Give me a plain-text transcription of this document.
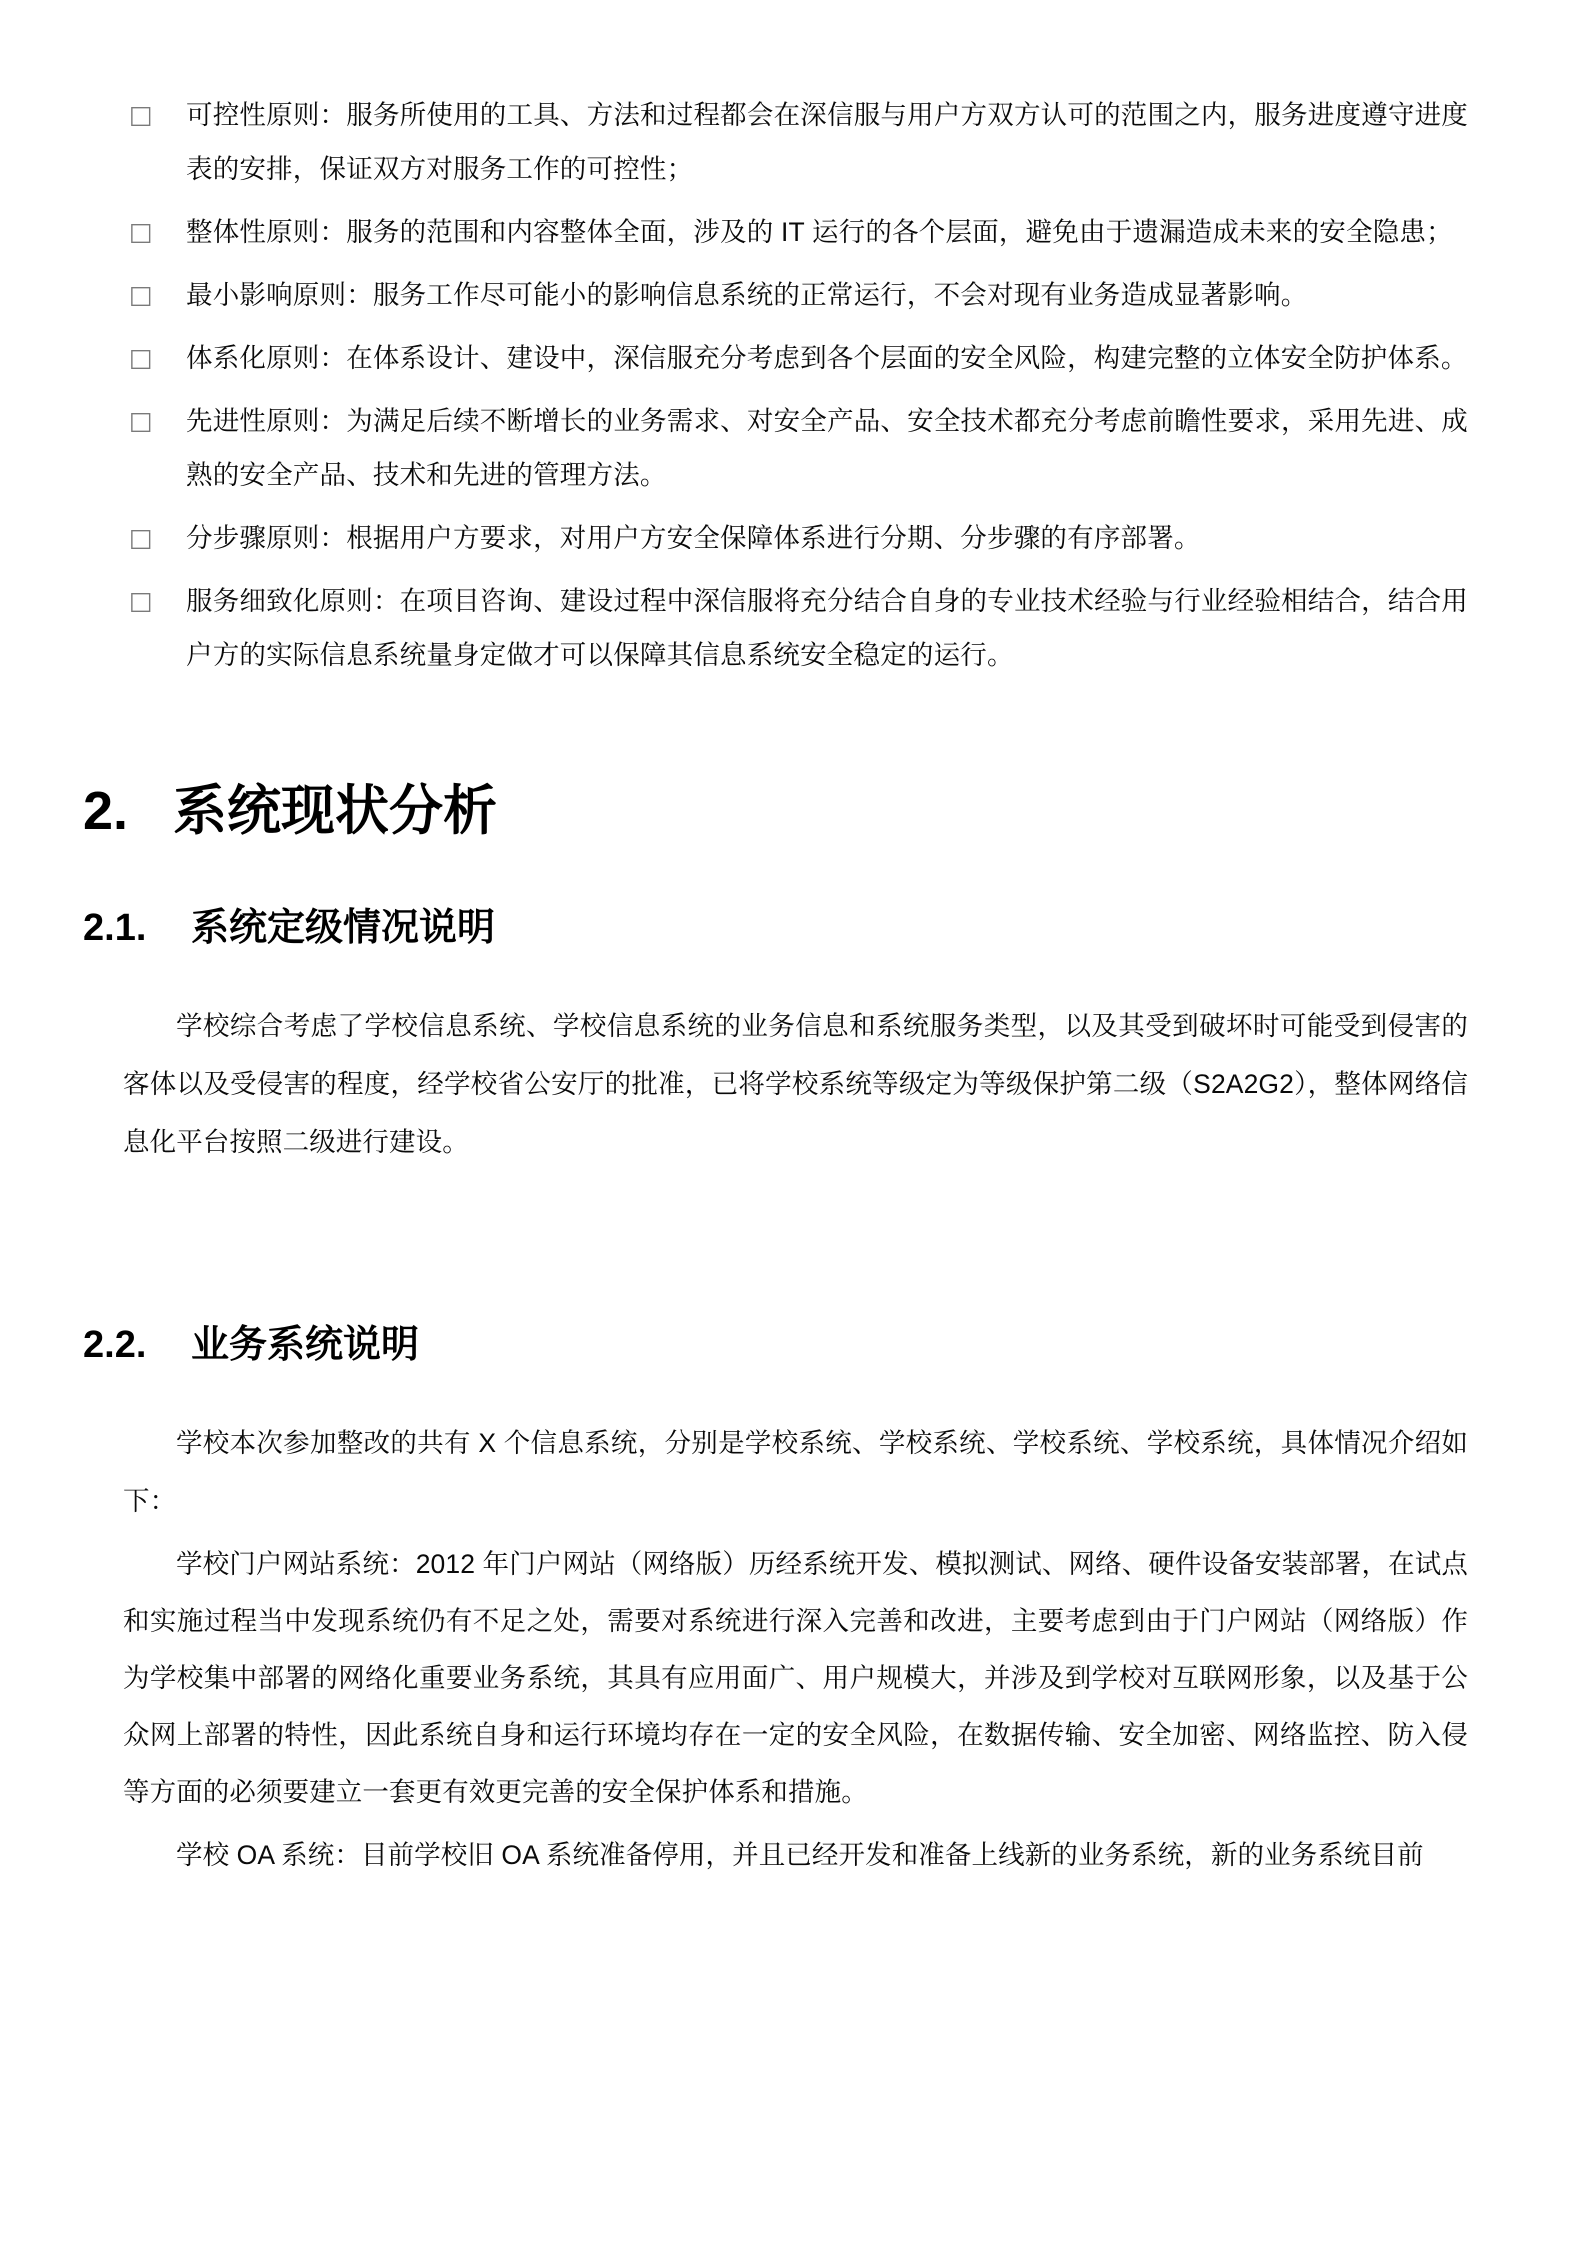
□ 可控性原则：服务所使用的工具、方法和过程都会在深信服与用户方双方认可的范围之内，服务进度遵守进度表的安排，保证双方对服务工作的可控性；
□ 整体性原则：服务的范围和内容整体全面，涉及的 IT 运行的各个层面，避免由于遗漏造成未来的安全隐患；
□ 最小影响原则：服务工作尽可能小的影响信息系统的正常运行，不会对现有业务造成显著影响。
□ 体系化原则：在体系设计、建设中，深信服充分考虑到各个层面的安全风险，构建完整的立体安全防护体系。
□ 先进性原则：为满足后续不断增长的业务需求、对安全产品、安全技术都充分考虑前瞻性要求，采用先进、成熟的安全产品、技术和先进的管理方法。
□ 分步骤原则：根据用户方要求，对用户方安全保障体系进行分期、分步骤的有序部署。
□ 服务细致化原则：在项目咨询、建设过程中深信服将充分结合自身的专业技术经验与行业经验相结合，结合用户方的实际信息系统量身定做才可以保障其信息系统安全稳定的运行。
2. 系统现状分析
2.1.	系统定级情况说明

学校综合考虑了学校信息系统、学校信息系统的业务信息和系统服务类型，以及其受到破坏时可能受到侵害的客体以及受侵害的程度，经学校省公安厅的批准，已将学校系统等级定为等级保护第二级（S2A2G2），整体网络信息化平台按照二级进行建设。

2.2.	业务系统说明

学校本次参加整改的共有 X 个信息系统，分别是学校系统、学校系统、学校系统、学校系统，具体情况介绍如下：

学校门户网站系统：2012 年门户网站（网络版）历经系统开发、模拟测试、网络、硬件设备安装部署，在试点和实施过程当中发现系统仍有不足之处，需要对系统进行深入完善和改进，主要考虑到由于门户网站（网络版）作为学校集中部署的网络化重要业务系统，其具有应用面广、用户规模大，并涉及到学校对互联网形象，以及基于公众网上部署的特性，因此系统自身和运行环境均存在一定的安全风险，在数据传输、安全加密、网络监控、防入侵等方面的必须要建立一套更有效更完善的安全保护体系和措施。

学校 OA 系统：目前学校旧 OA 系统准备停用，并且已经开发和准备上线新的业务系统，新的业务系统目前
